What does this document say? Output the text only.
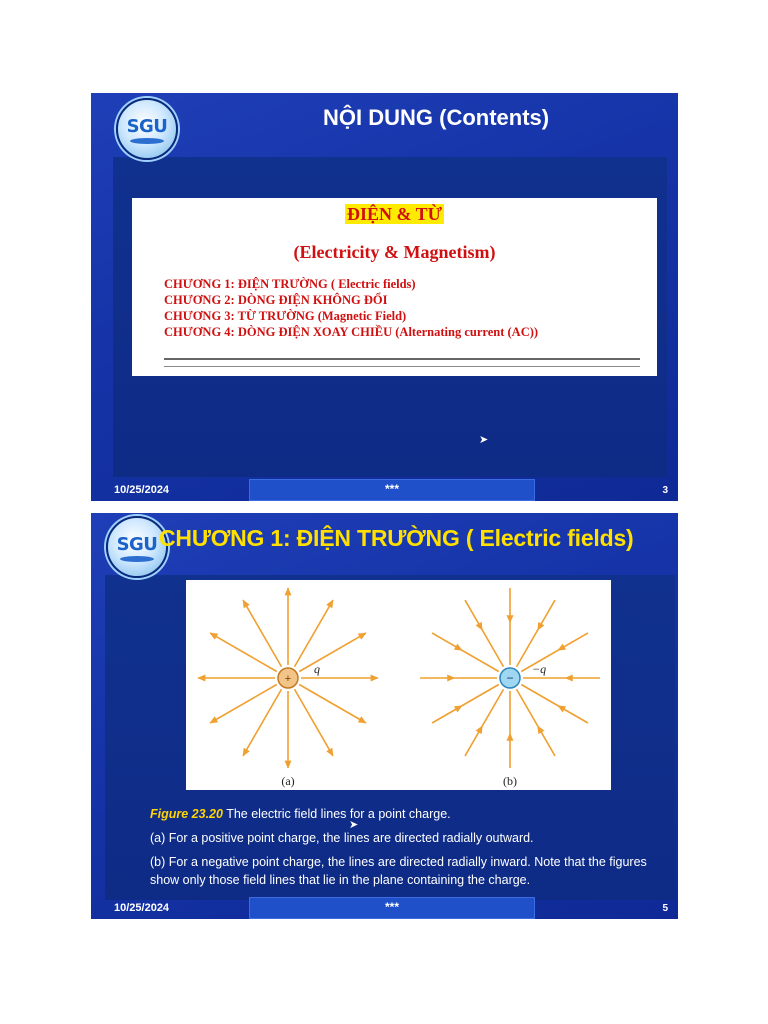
SGU	NỘI DUNG (Contents)
ĐIỆN & TỪ
(Electricity & Magnetism)
CHƯƠNG 1: ĐIỆN TRƯỜNG ( Electric fields)
CHƯƠNG 2: DÒNG ĐIỆN KHÔNG ĐỔI
CHƯƠNG 3: TỪ TRƯỜNG (Magnetic Field)
CHƯƠNG 4: DÒNG ĐIỆN XOAY CHIỀU (Alternating current (AC))
➤
10/25/2024	***	3
SGU CHƯƠNG 1: ĐIỆN TRƯỜNG ( Electric fields)
+	−
q	−q
(a)	(b)

Figure 23.20 The electric field lines for a point charge.

(a) For a positive point charge, the lines are directed radially outward.

(b) For a negative point charge, the lines are directed radially inward. Note that the figures show only those field lines that lie in the plane containing the charge.

➤
10/25/2024	***	5
